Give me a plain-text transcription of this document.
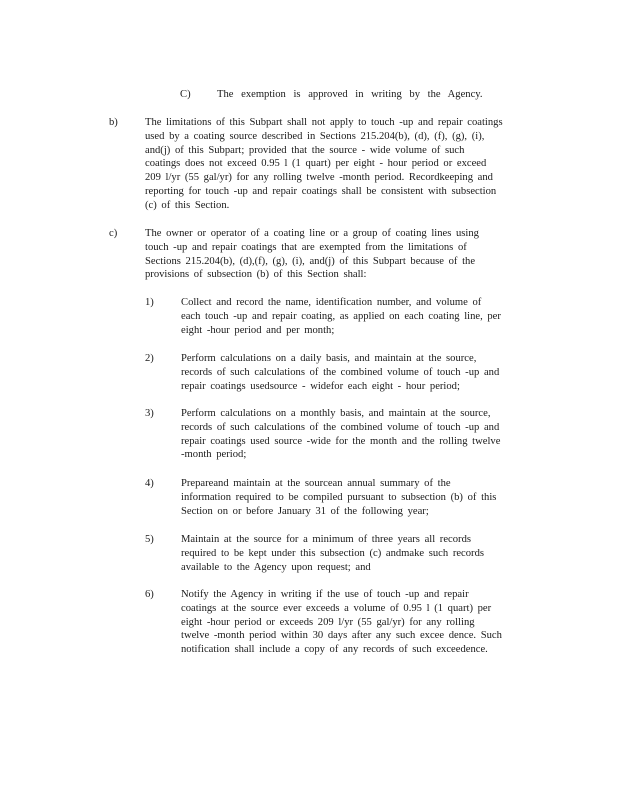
C) The exemption is approved in writing by the Agency.
b)	The limitations of this Subpart shall not apply to touch -up and repair coatings used by a coating source described in Sections 215.204(b), (d), (f), (g), (i), and(j) of this Subpart; provided that the source - wide volume of such coatings does not exceed 0.95 l (1 quart) per eight - hour period or exceed 209 l/yr (55 gal/yr) for any rolling twelve -month period. Recordkeeping and reporting for touch -up and repair coatings shall be consistent with subsection (c) of this Section.
c)	The owner or operator of a coating line or a group of coating lines using touch -up and repair coatings that are exempted from the limitations of Sections 215.204(b), (d),(f), (g), (i), and(j) of this Subpart because of the provisions of subsection (b) of this Section shall:
1)	Collect and record the name, identification number, and volume of each touch -up and repair coating, as applied on each coating line, per eight -hour period and per month;
2)	Perform calculations on a daily basis, and maintain at the source, records of such calculations of the combined volume of touch -up and repair coatings usedsource - widefor each eight - hour period;
3)	Perform calculations on a monthly basis, and maintain at the source, records of such calculations of the combined volume of touch -up and repair coatings used source -wide for the month and the rolling twelve -month period;
4)	Prepareand maintain at the sourcean annual summary of the information required to be compiled pursuant to subsection (b) of this Section on or before January 31 of the following year;
5)	Maintain at the source for a minimum of three years all records required to be kept under this subsection (c) andmake such records available to the Agency upon request; and
6)	Notify the Agency in writing if the use of touch -up and repair coatings at the source ever exceeds a volume of 0.95 l (1 quart) per eight -hour period or exceeds 209 l/yr (55 gal/yr) for any rolling twelve -month period within 30 days after any such excee dence. Such notification shall include a copy of any records of such exceedence.
